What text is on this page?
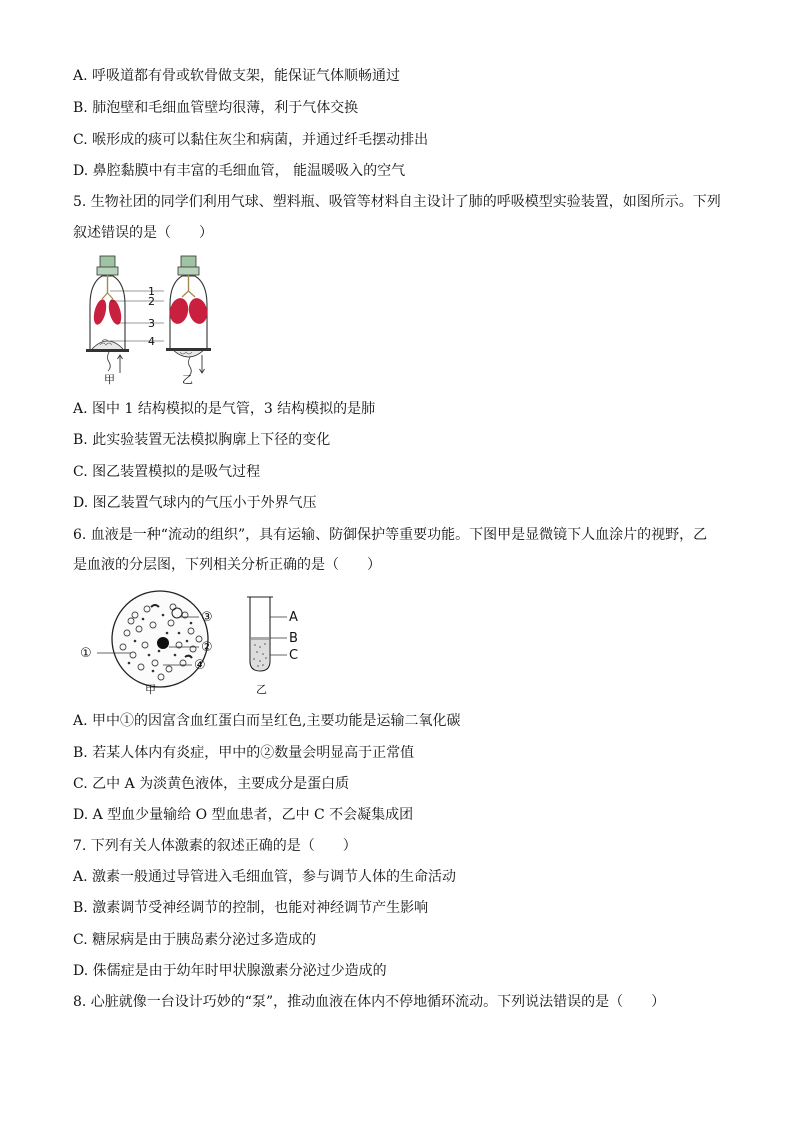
A. 呼吸道都有骨或软骨做支架，能保证气体顺畅通过
B. 肺泡壁和毛细血管壁均很薄，利于气体交换
C. 喉形成的痰可以黏住灰尘和病菌，并通过纤毛摆动排出
D. 鼻腔黏膜中有丰富的毛细血管， 能温暖吸入的空气
5. 生物社团的同学们利用气球、塑料瓶、吸管等材料自主设计了肺的呼吸模型实验装置，如图所示。下列
叙述错误的是（　　）
1
2
3
4
甲	乙
A. 图中 1 结构模拟的是气管，3 结构模拟的是肺
B. 此实验装置无法模拟胸廓上下径的变化
C. 图乙装置模拟的是吸气过程
D. 图乙装置气球内的气压小于外界气压
6. 血液是一种“流动的组织”，具有运输、防御保护等重要功能。下图甲是显微镜下人血涂片的视野，乙
是血液的分层图，下列相关分析正确的是（　　）
①	②
③
④
甲
A
B
C
乙
A. 甲中①的因富含血红蛋白而呈红色,主要功能是运输二氧化碳
B. 若某人体内有炎症，甲中的②数量会明显高于正常值
C. 乙中 A 为淡黄色液体，主要成分是蛋白质
D. A 型血少量输给 O 型血患者，乙中 C 不会凝集成团
7. 下列有关人体激素的叙述正确的是（　　）
A. 激素一般通过导管进入毛细血管，参与调节人体的生命活动
B. 激素调节受神经调节的控制，也能对神经调节产生影响
C. 糖尿病是由于胰岛素分泌过多造成的
D. 侏儒症是由于幼年时甲状腺激素分泌过少造成的
8. 心脏就像一台设计巧妙的“泵”，推动血液在体内不停地循环流动。下列说法错误的是（　　）
